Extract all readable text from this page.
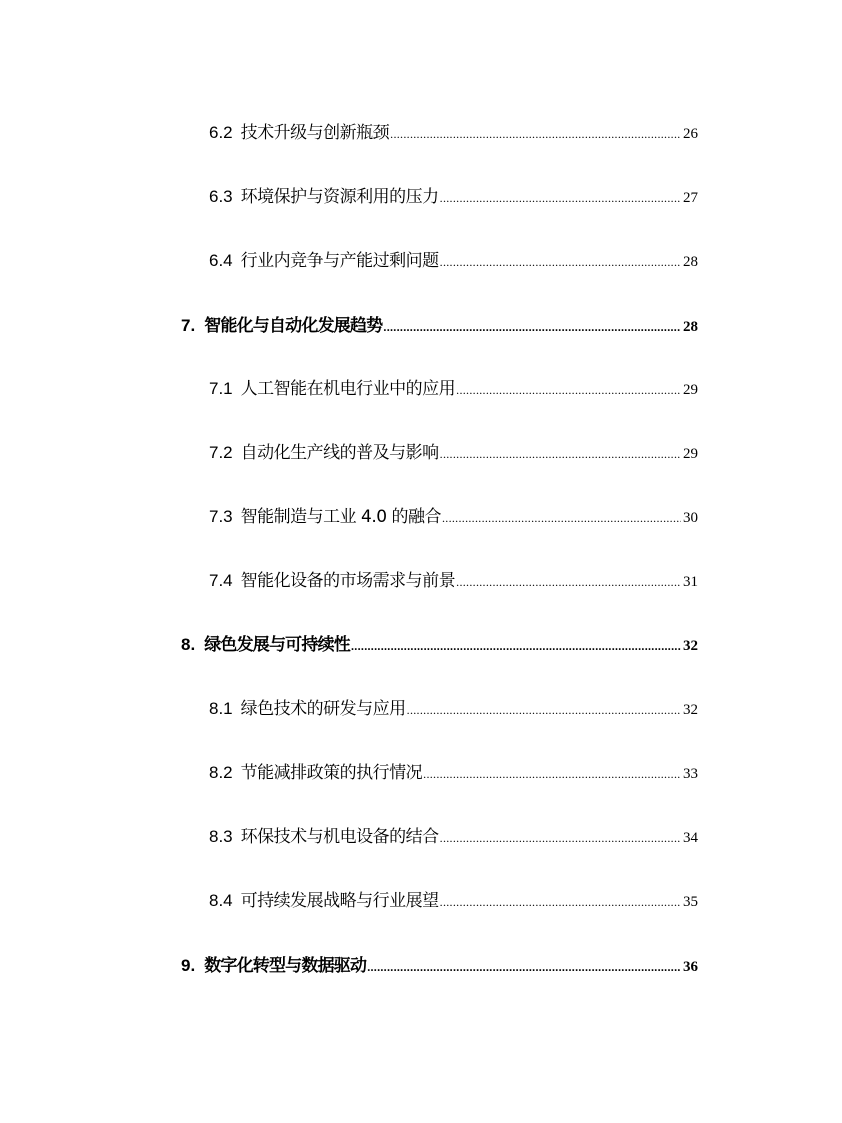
6.2 技术升级与创新瓶颈 .....	26
6.3 环境保护与资源利用的压力 .....	27
6.4 行业内竞争与产能过剩问题 .....	28
7. 智能化与自动化发展趋势 .....	28
7.1 人工智能在机电行业中的应用 .....	29
7.2 自动化生产线的普及与影响 .....	29
7.3 智能制造与工业 4.0 的融合 .....	30
7.4 智能化设备的市场需求与前景 .....	31
8. 绿色发展与可持续性 .....	32
8.1 绿色技术的研发与应用 .....	32
8.2 节能减排政策的执行情况 .....	33
8.3 环保技术与机电设备的结合 .....	34
8.4 可持续发展战略与行业展望 .....	35
9. 数字化转型与数据驱动 .....	36
